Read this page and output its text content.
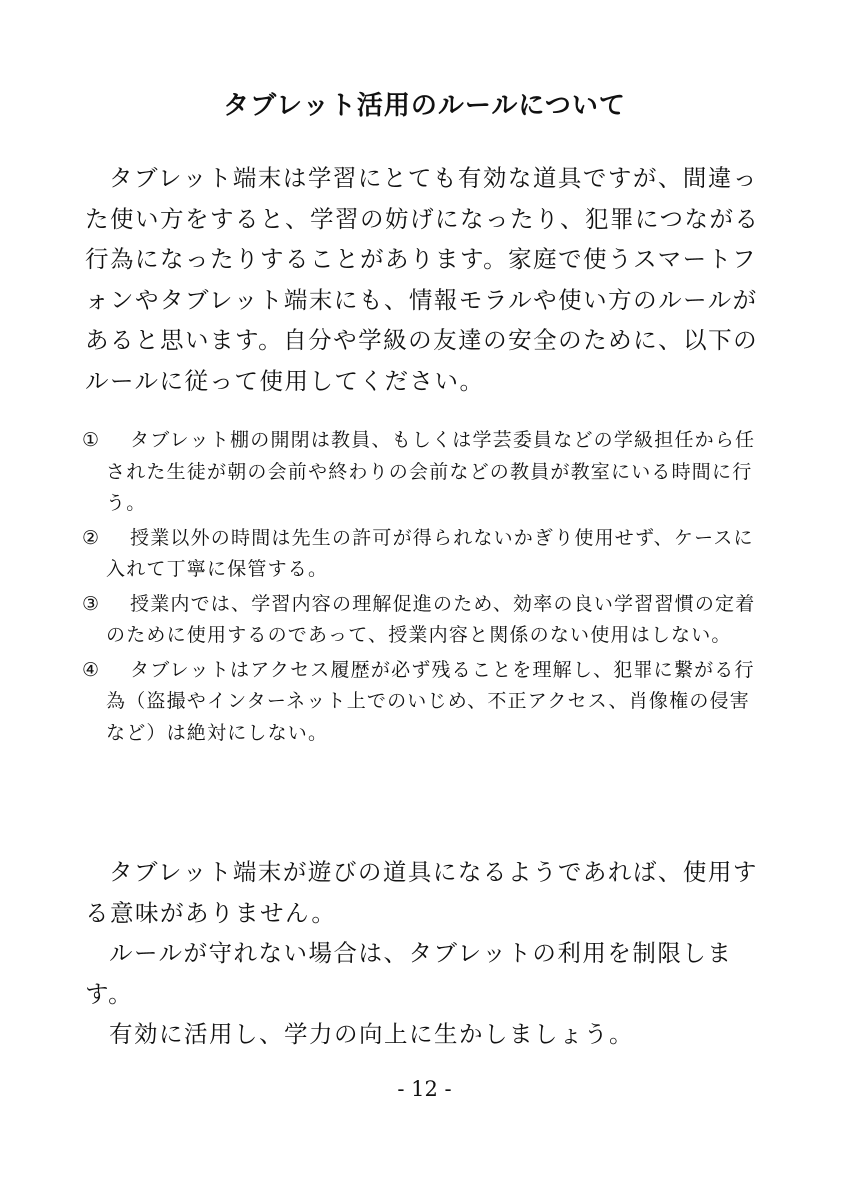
タブレット活用のルールについて

タブレット端末は学習にとても有効な道具ですが、間違った使い方をすると、学習の妨げになったり、犯罪につながる行為になったりすることがあります。家庭で使うスマートフォンやタブレット端末にも、情報モラルや使い方のルールがあると思います。自分や学級の友達の安全のために、以下のルールに従って使用してください。

①	タブレット棚の開閉は教員、もしくは学芸委員などの学級担任から任された生徒が朝の会前や終わりの会前などの教員が教室にいる時間に行う。
②	授業以外の時間は先生の許可が得られないかぎり使用せず、ケースに入れて丁寧に保管する。
③	授業内では、学習内容の理解促進のため、効率の良い学習習慣の定着のために使用するのであって、授業内容と関係のない使用はしない。
④	タブレットはアクセス履歴が必ず残ることを理解し、犯罪に繋がる行為（盗撮やインターネット上でのいじめ、不正アクセス、肖像権の侵害など）は絶対にしない。

タブレット端末が遊びの道具になるようであれば、使用する意味がありません。

ルールが守れない場合は、タブレットの利用を制限します。

有効に活用し、学力の向上に生かしましょう。

- 12 -
